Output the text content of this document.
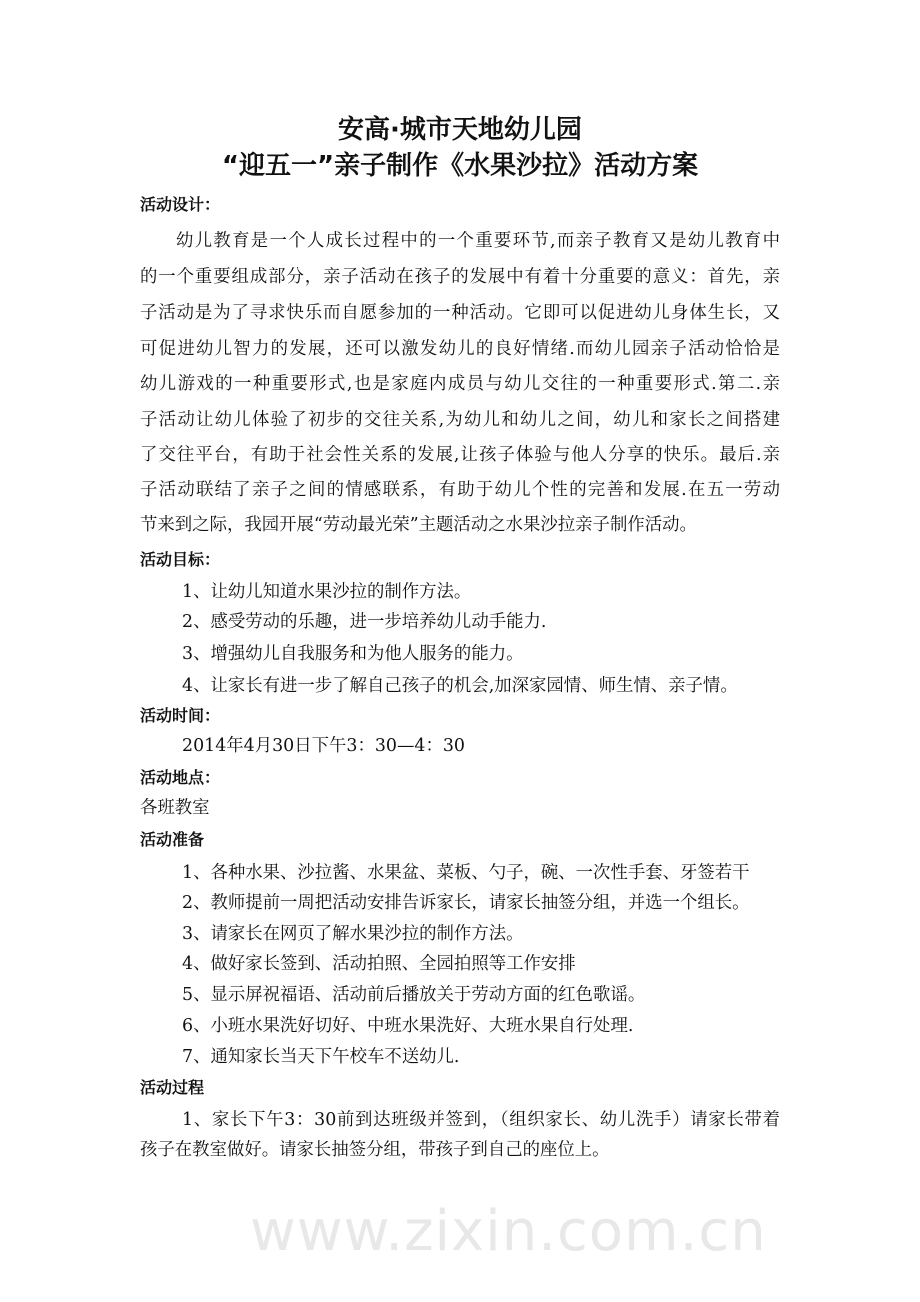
安高·城市天地幼儿园
“迎五一”亲子制作《水果沙拉》活动方案
活动设计：
幼儿教育是一个人成长过程中的一个重要环节,而亲子教育又是幼儿教育中
的一个重要组成部分，亲子活动在孩子的发展中有着十分重要的意义：首先，亲
子活动是为了寻求快乐而自愿参加的一种活动。它即可以促进幼儿身体生长，又
可促进幼儿智力的发展，还可以激发幼儿的良好情绪.而幼儿园亲子活动恰恰是
幼儿游戏的一种重要形式,也是家庭内成员与幼儿交往的一种重要形式.第二.亲
子活动让幼儿体验了初步的交往关系,为幼儿和幼儿之间，幼儿和家长之间搭建
了交往平台，有助于社会性关系的发展,让孩子体验与他人分享的快乐。最后.亲
子活动联结了亲子之间的情感联系，有助于幼儿个性的完善和发展.在五一劳动
节来到之际，我园开展“劳动最光荣”主题活动之水果沙拉亲子制作活动。
活动目标：
1、让幼儿知道水果沙拉的制作方法。
2、感受劳动的乐趣，进一步培养幼儿动手能力.
3、增强幼儿自我服务和为他人服务的能力。
4、让家长有进一步了解自己孩子的机会,加深家园情、师生情、亲子情。
活动时间：
2014年4月30日下午3：30—4：30
活动地点：
各班教室
活动准备
1、各种水果、沙拉酱、水果盆、菜板、勺子，碗、一次性手套、牙签若干
2、教师提前一周把活动安排告诉家长，请家长抽签分组，并选一个组长。
3、请家长在网页了解水果沙拉的制作方法。
4、做好家长签到、活动拍照、全园拍照等工作安排
5、显示屏祝福语、活动前后播放关于劳动方面的红色歌谣。
6、小班水果洗好切好、中班水果洗好、大班水果自行处理.
7、通知家长当天下午校车不送幼儿.
活动过程
1、家长下午3：30前到达班级并签到，（组织家长、幼儿洗手）请家长带着
孩子在教室做好。请家长抽签分组，带孩子到自己的座位上。
www.zixin.com.cn
